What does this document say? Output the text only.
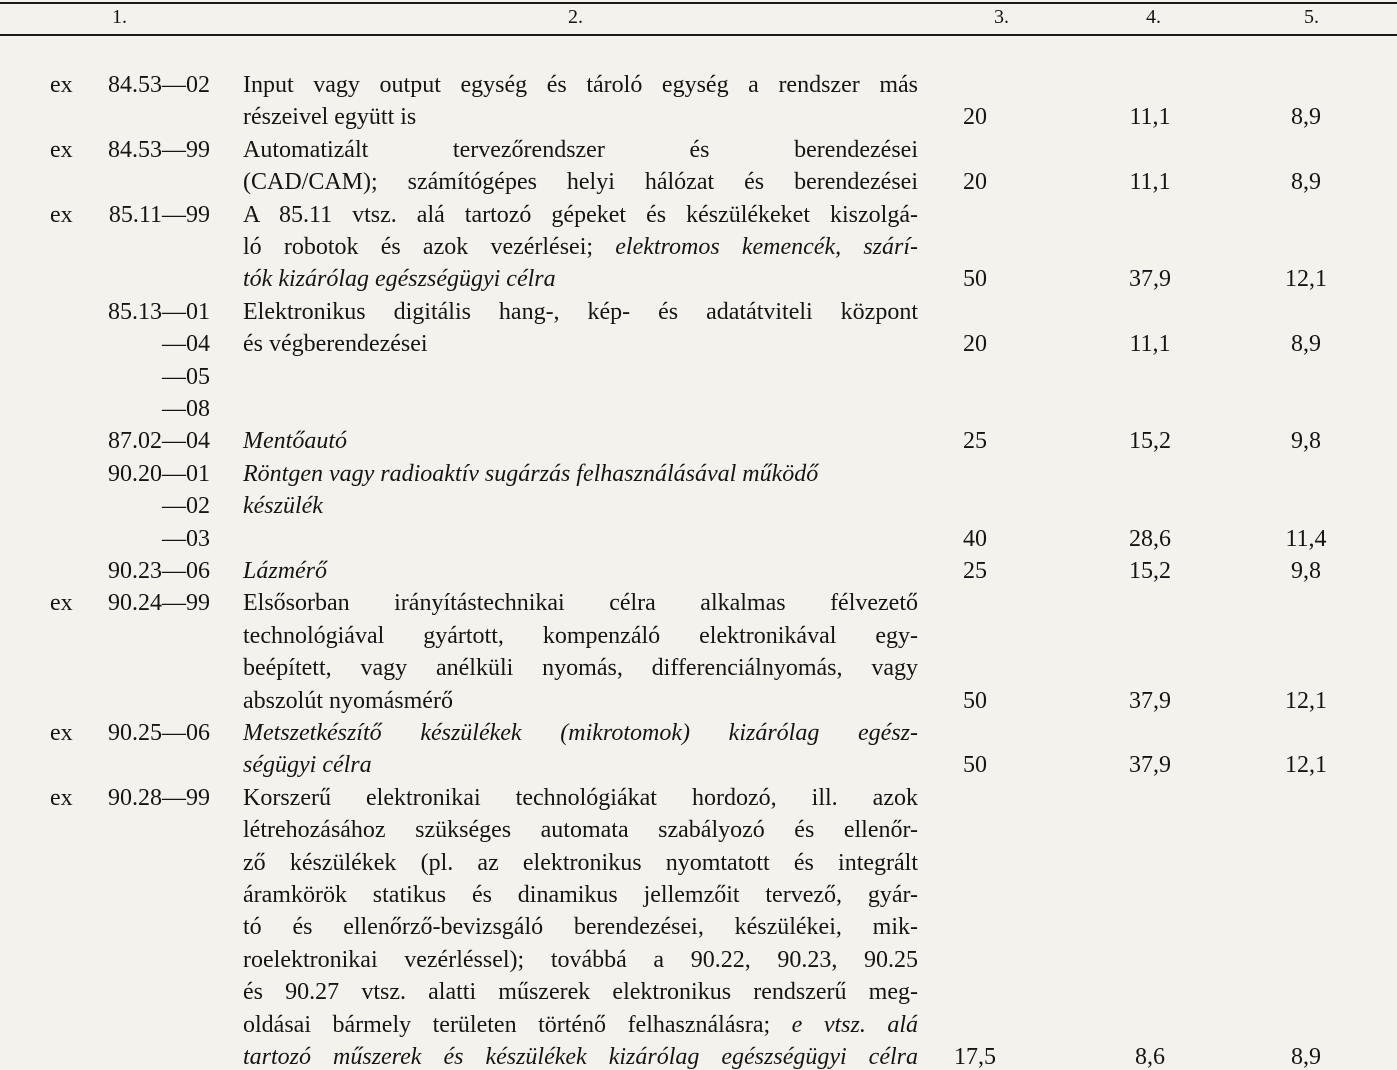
1.	2.	3.	4.	5.
ex 84.53—02 Input vagy output egység és tároló egység a rendszer más
részeivel együtt is	20	11,1	8,9
ex 84.53—99 Automatizált tervezőrendszer és berendezései
(CAD/CAM); számítógépes helyi hálózat és berendezései	20	11,1	8,9
ex 85.11—99 A 85.11 vtsz. alá tartozó gépeket és készülékeket kiszolgá-
ló robotok és azok vezérlései; elektromos kemencék, szárí-
tók kizárólag egészségügyi célra	50	37,9	12,1
85.13—01 Elektronikus digitális hang-, kép- és adatátviteli központ
—04 és végberendezései	20	11,1	8,9
—05
—08
87.02—04 Mentőautó	25	15,2	9,8
90.20—01 Röntgen vagy radioaktív sugárzás felhasználásával működő
—02 készülék
—03	40	28,6	11,4
90.23—06 Lázmérő	25	15,2	9,8
ex 90.24—99 Elsősorban irányítástechnikai célra alkalmas félvezető
technológiával gyártott, kompenzáló elektronikával egy-
beépített, vagy anélküli nyomás, differenciálnyomás, vagy
abszolút nyomásmérő	50	37,9	12,1
ex 90.25—06 Metszetkészítő készülékek (mikrotomok) kizárólag egész-
ségügyi célra	50	37,9	12,1
ex 90.28—99 Korszerű elektronikai technológiákat hordozó, ill. azok
létrehozásához szükséges automata szabályozó és ellenőr-
ző készülékek (pl. az elektronikus nyomtatott és integrált
áramkörök statikus és dinamikus jellemzőit tervező, gyár-
tó és ellenőrző-bevizsgáló berendezései, készülékei, mik-
roelektronikai vezérléssel); továbbá a 90.22, 90.23, 90.25
és 90.27 vtsz. alatti műszerek elektronikus rendszerű meg-
oldásai bármely területen történő felhasználásra; e vtsz. alá
tartozó műszerek és készülékek kizárólag egészségügyi célra	17,5	8,6	8,9
